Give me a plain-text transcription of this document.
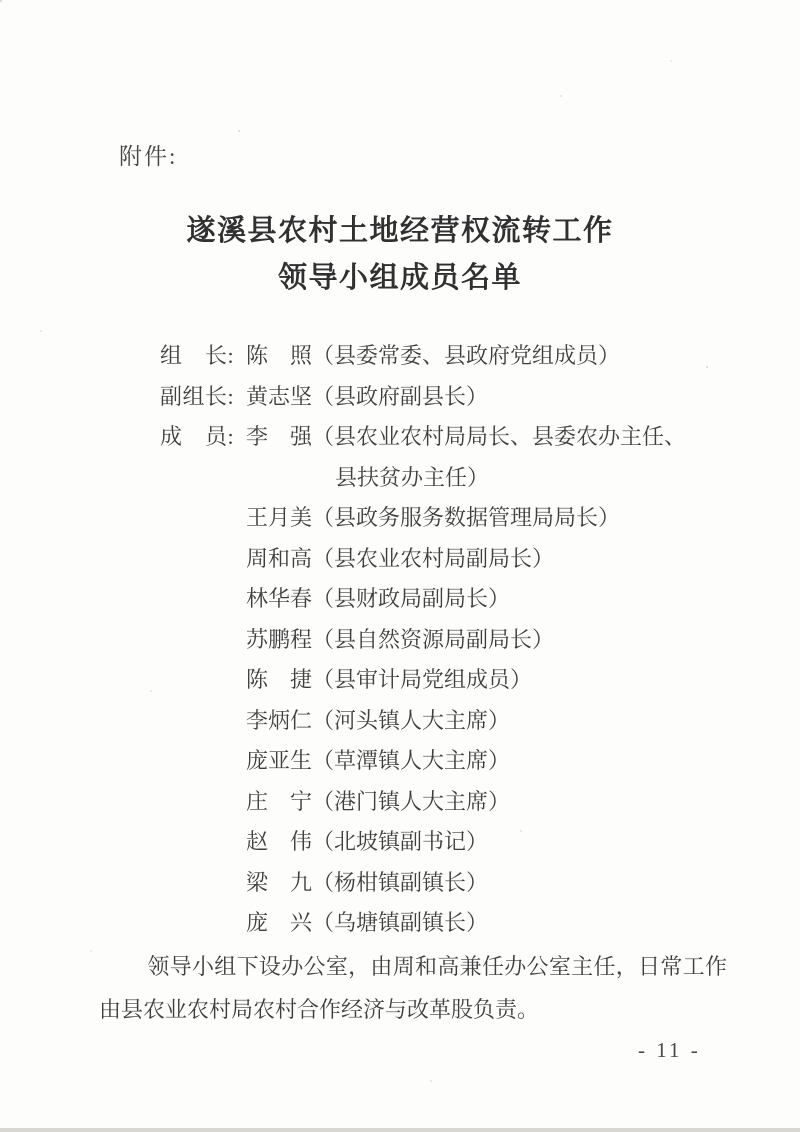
附件:
遂溪县农村土地经营权流转工作
领导小组成员名单
组　长: 陈　照（县委常委、县政府党组成员）
副组长: 黄志坚（县政府副县长）
成　员: 李　强（县农业农村局局长、县委农办主任、
县扶贫办主任）
王月美（县政务服务数据管理局局长）
周和高（县农业农村局副局长）
林华春（县财政局副局长）
苏鹏程（县自然资源局副局长）
陈　捷（县审计局党组成员）
李炳仁（河头镇人大主席）
庞亚生（草潭镇人大主席）
庄　宁（港门镇人大主席）
赵　伟（北坡镇副书记）
梁　九（杨柑镇副镇长）
庞　兴（乌塘镇副镇长）
领导小组下设办公室，由周和高兼任办公室主任，日常工作由县农业农村局农村合作经济与改革股负责。
- 11 -
